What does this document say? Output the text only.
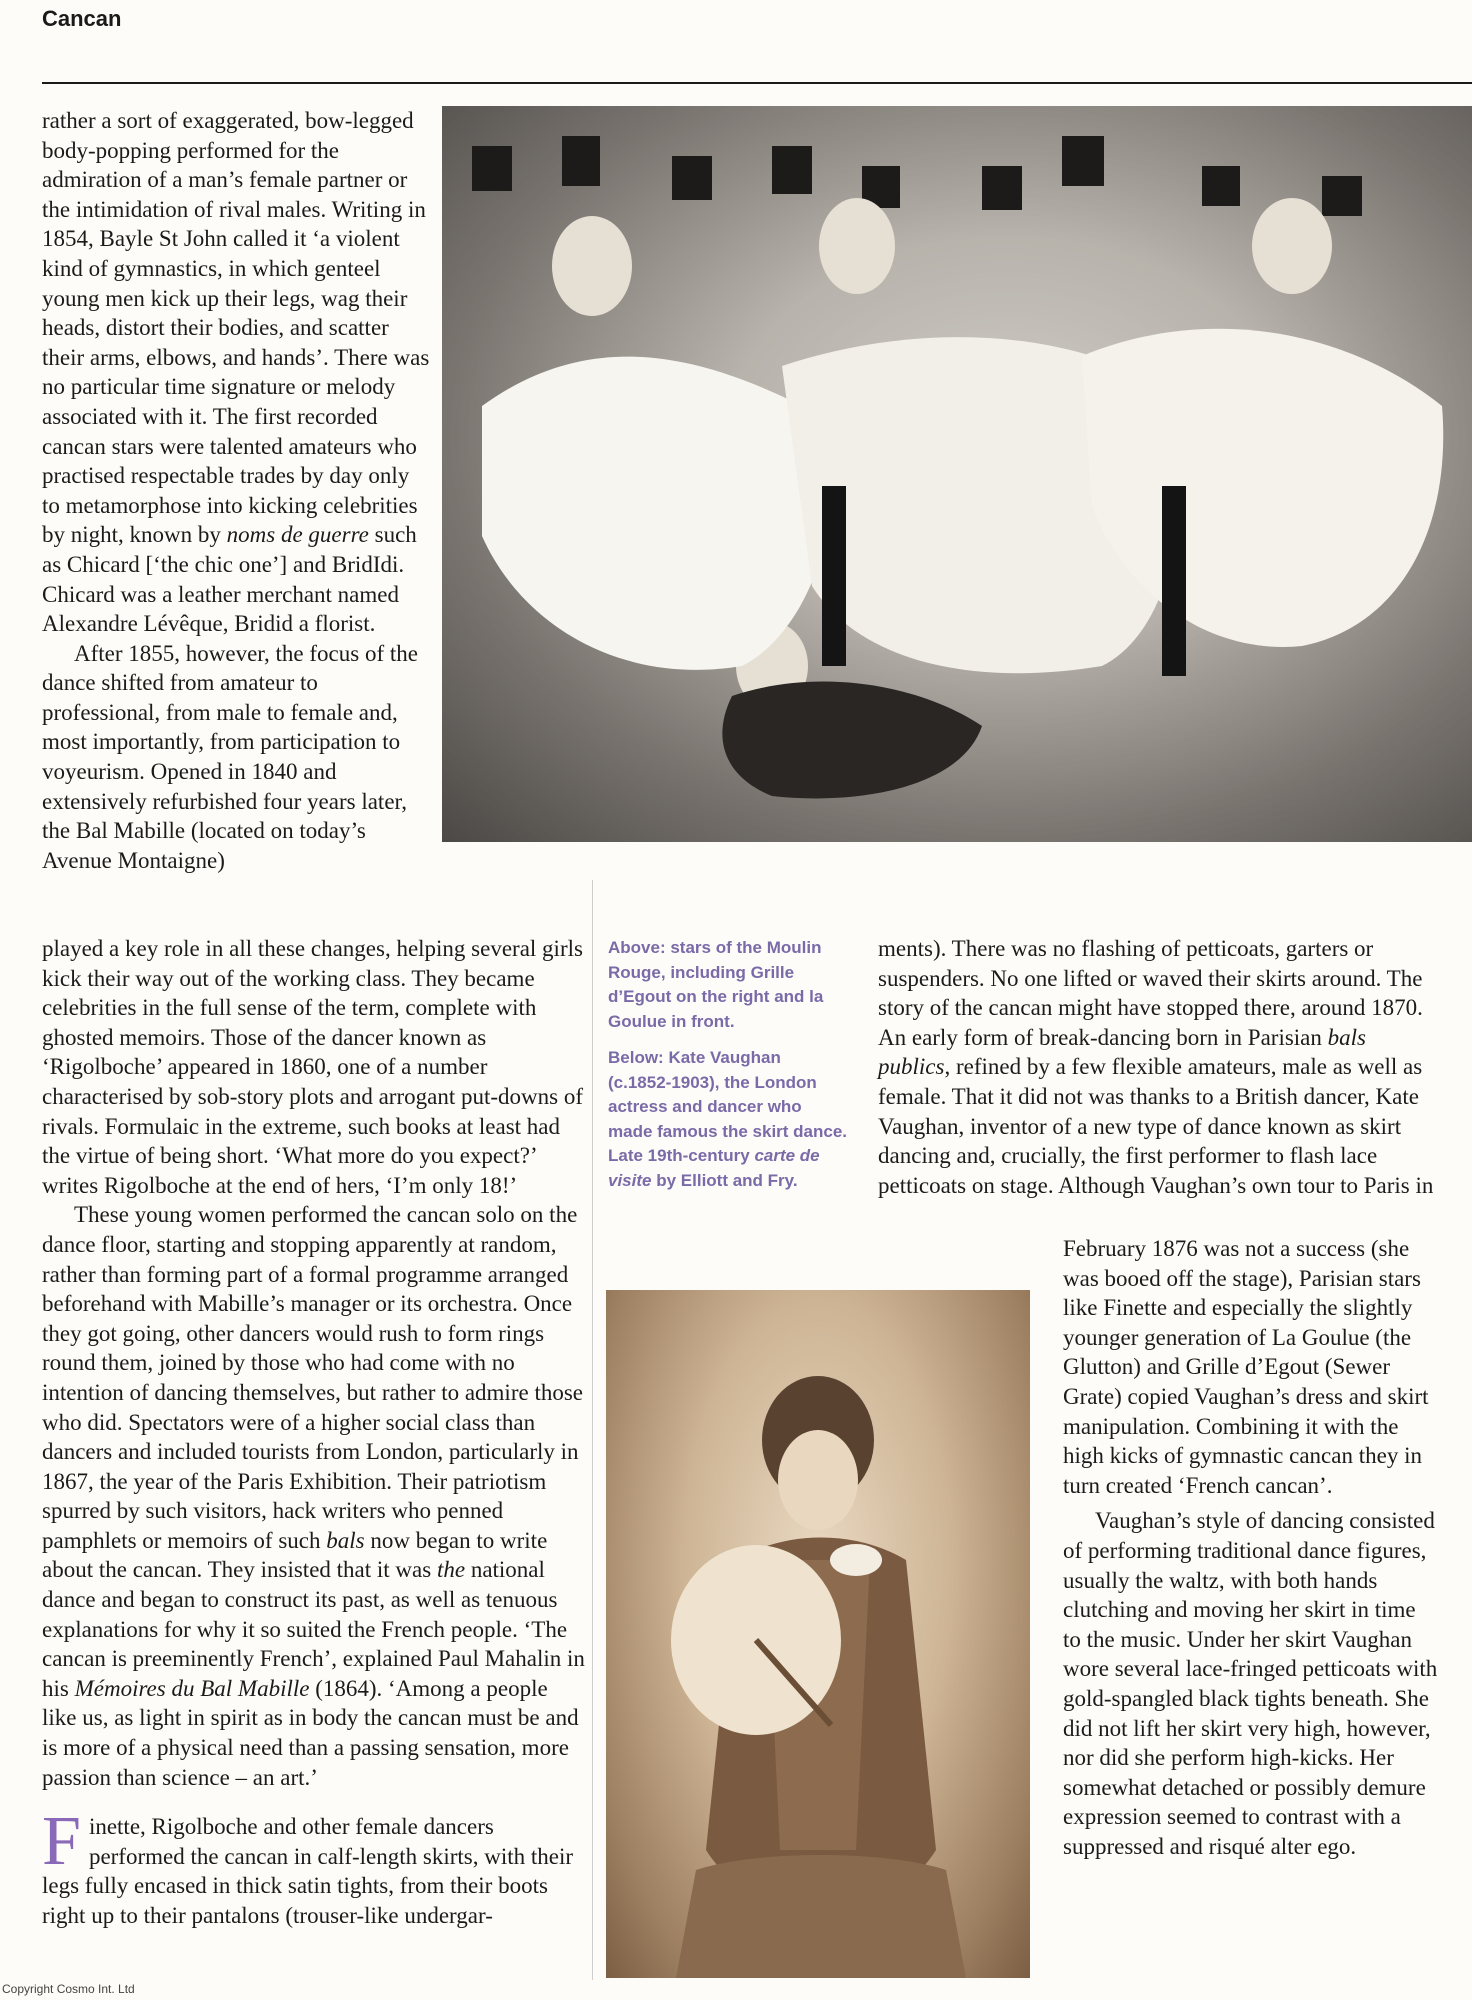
Cancan

rather a sort of exaggerated, bow-legged body-popping performed for the admiration of a man’s female partner or the intimidation of rival males. Writing in 1854, Bayle St John called it ‘a violent kind of gymnastics, in which genteel young men kick up their legs, wag their heads, distort their bodies, and scatter their arms, elbows, and hands’. There was no particular time signature or melody associated with it. The first recorded cancan stars were talented amateurs who practised respectable trades by day only to metamorphose into kicking celebrities by night, known by noms de guerre such as Chicard [‘the chic one’] and BridIdi. Chicard was a leather merchant named Alexandre Lévêque, Bridid a florist.

After 1855, however, the focus of the dance shifted from amateur to professional, from male to female and, most importantly, from participation to voyeurism. Opened in 1840 and extensively refurbished four years later, the Bal Mabille (located on today’s Avenue Montaigne)

played a key role in all these changes, helping several girls kick their way out of the working class. They became celebrities in the full sense of the term, complete with ghosted memoirs. Those of the dancer known as ‘Rigolboche’ appeared in 1860, one of a number characterised by sob-story plots and arrogant put-downs of rivals. Formulaic in the extreme, such books at least had the virtue of being short. ‘What more do you expect?’ writes Rigolboche at the end of hers, ‘I’m only 18!’

These young women performed the cancan solo on the dance floor, starting and stopping apparently at random, rather than forming part of a formal programme arranged beforehand with Mabille’s manager or its orchestra. Once they got going, other dancers would rush to form rings round them, joined by those who had come with no intention of dancing themselves, but rather to admire those who did. Spectators were of a higher social class than dancers and included tourists from London, particularly in 1867, the year of the Paris Exhibition. Their patriotism spurred by such visitors, hack writers who penned pamphlets or memoirs of such bals now began to write about the cancan. They insisted that it was the national dance and began to construct its past, as well as tenuous explanations for why it so suited the French people. ‘The cancan is preeminently French’, explained Paul Mahalin in his Mémoires du Bal Mabille (1864). ‘Among a people like us, as light in spirit as in body the cancan must be and is more of a physical need than a passing sensation, more passion than science – an art.’

Finette, Rigolboche and other female dancers performed the cancan in calf-length skirts, with their legs fully encased in thick satin tights, from their boots right up to their pantalons (trouser-like undergar-

Above: stars of the Moulin Rouge, including Grille d’Egout on the right and la Goulue in front.

Below: Kate Vaughan (c.1852-1903), the London actress and dancer who made famous the skirt dance. Late 19th-century carte de visite by Elliott and Fry.

ments). There was no flashing of petticoats, garters or suspenders. No one lifted or waved their skirts around. The story of the cancan might have stopped there, around 1870. An early form of break-dancing born in Parisian bals publics, refined by a few flexible amateurs, male as well as female. That it did not was thanks to a British dancer, Kate Vaughan, inventor of a new type of dance known as skirt dancing and, crucially, the first performer to flash lace petticoats on stage. Although Vaughan’s own tour to Paris in

February 1876 was not a success (she was booed off the stage), Parisian stars like Finette and especially the slightly younger generation of La Goulue (the Glutton) and Grille d’Egout (Sewer Grate) copied Vaughan’s dress and skirt manipulation. Combining it with the high kicks of gymnastic cancan they in turn created ‘French cancan’.

Vaughan’s style of dancing consisted of performing traditional dance figures, usually the waltz, with both hands clutching and moving her skirt in time to the music. Under her skirt Vaughan wore several lace-fringed petticoats with gold-spangled black tights beneath. She did not lift her skirt very high, however, nor did she perform high-kicks. Her somewhat detached or possibly demure expression seemed to contrast with a suppressed and risqué alter ego.

Copyright Cosmo Int. Ltd
